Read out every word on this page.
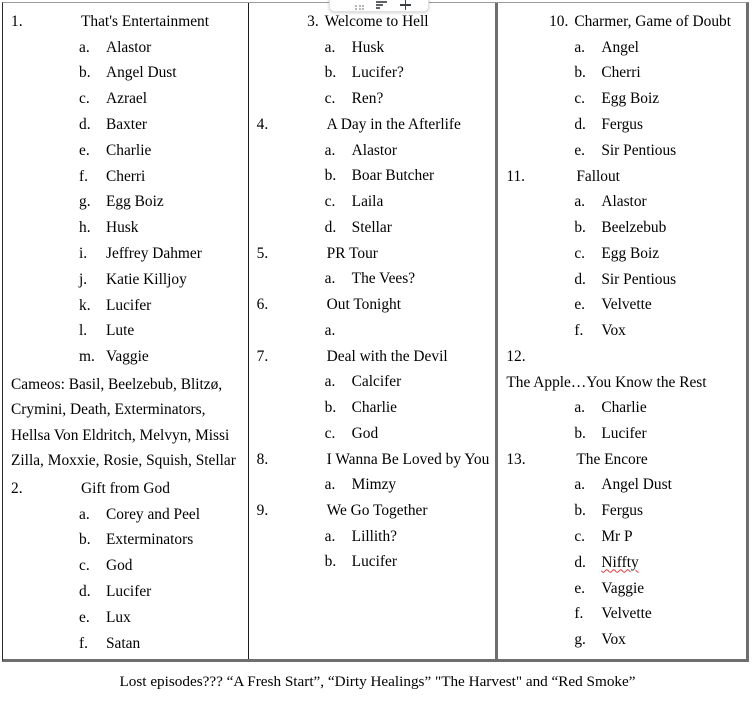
1.	That's Entertainment
a. Alastor
b. Angel Dust
c. Azrael
d. Baxter
e. Charlie
f. Cherri
g. Egg Boiz
h. Husk
i. Jeffrey Dahmer
j. Katie Killjoy
k. Lucifer
l. Lute
m. Vaggie
Cameos: Basil, Beelzebub, Blitzø, Crymini, Death, Exterminators, Hellsa Von Eldritch, Melvyn, Missi Zilla, Moxxie, Rosie, Squish, Stellar
2.	Gift from God
a. Corey and Peel
b. Exterminators
c. God
d. Lucifer
e. Lux
f. Satan
3. Welcome to Hell
a. Husk
b. Lucifer?
c. Ren?
4.	A Day in the Afterlife
a. Alastor
b. Boar Butcher
c. Laila
d. Stellar
5.	PR Tour
a. The Vees?
6.	Out Tonight
a.
7.	Deal with the Devil
a. Calcifer
b. Charlie
c. God
8.	I Wanna Be Loved by You
a. Mimzy
9.	We Go Together
a. Lillith?
b. Lucifer
10. Charmer, Game of Doubt
a. Angel
b. Cherri
c. Egg Boiz
d. Fergus
e. Sir Pentious
11.	Fallout
a. Alastor
b. Beelzebub
c. Egg Boiz
d. Sir Pentious
e. Velvette
f. Vox
12.
The Apple…You Know the Rest
a. Charlie
b. Lucifer
13.	The Encore
a. Angel Dust
b. Fergus
c. Mr P
d. Niffty
e. Vaggie
f. Velvette
g. Vox
Lost episodes??? “A Fresh Start”, “Dirty Healings” "The Harvest" and “Red Smoke”
